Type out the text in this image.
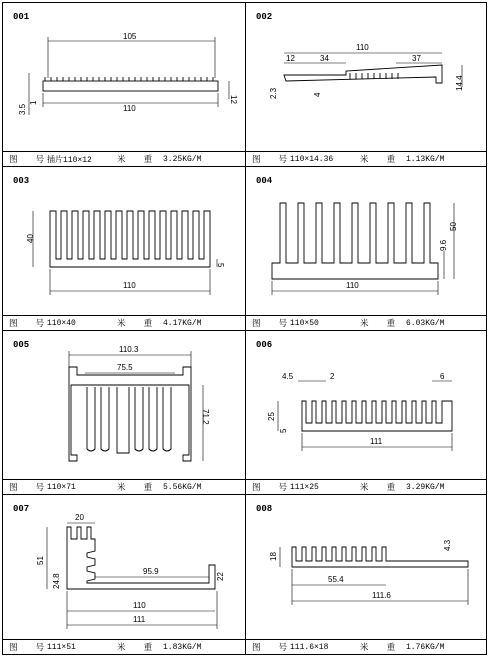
001
105
110
12
3.5
1
图 号
插片110×12	米 重 3.25KG/M
002
110
12	34	37
2.3	4
14.4
图 号
110×14.36	米 重 1.13KG/M
003
40
5
110
图 号
110×40	米 重 4.17KG/M
004
50
9.6
110
图 号
110×50	米 重 6.03KG/M
005	110.3
75.5
71.2
图 号
110×71	米 重 5.56KG/M
006
4.5	2	6
25
5
111
图 号
111×25	米 重 3.29KG/M
007
20
51
24.8
95.9
22
110
111
图 号
111×51	米 重 1.83KG/M
008
18
4.3
55.4
111.6
图 号
111.6×18	米 重 1.76KG/M
